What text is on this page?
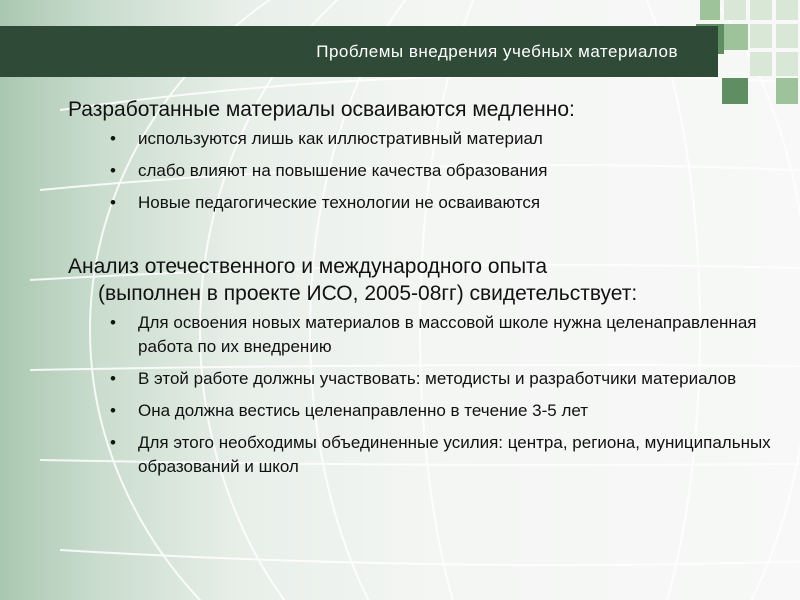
Проблемы внедрения учебных материалов

Разработанные материалы осваиваются медленно:

• используются лишь как иллюстративный материал
• слабо влияют на повышение качества образования
• Новые педагогические технологии не осваиваются

Анализ отечественного и международного опыта
(выполнен в проекте ИСО, 2005-08гг) свидетельствует:

• Для освоения новых материалов в массовой школе нужна целенаправленная работа по их внедрению
• В этой работе должны участвовать: методисты и разработчики материалов
• Она должна вестись целенаправленно в течение 3-5 лет
• Для этого необходимы объединенные усилия: центра, региона, муниципальных образований и школ
